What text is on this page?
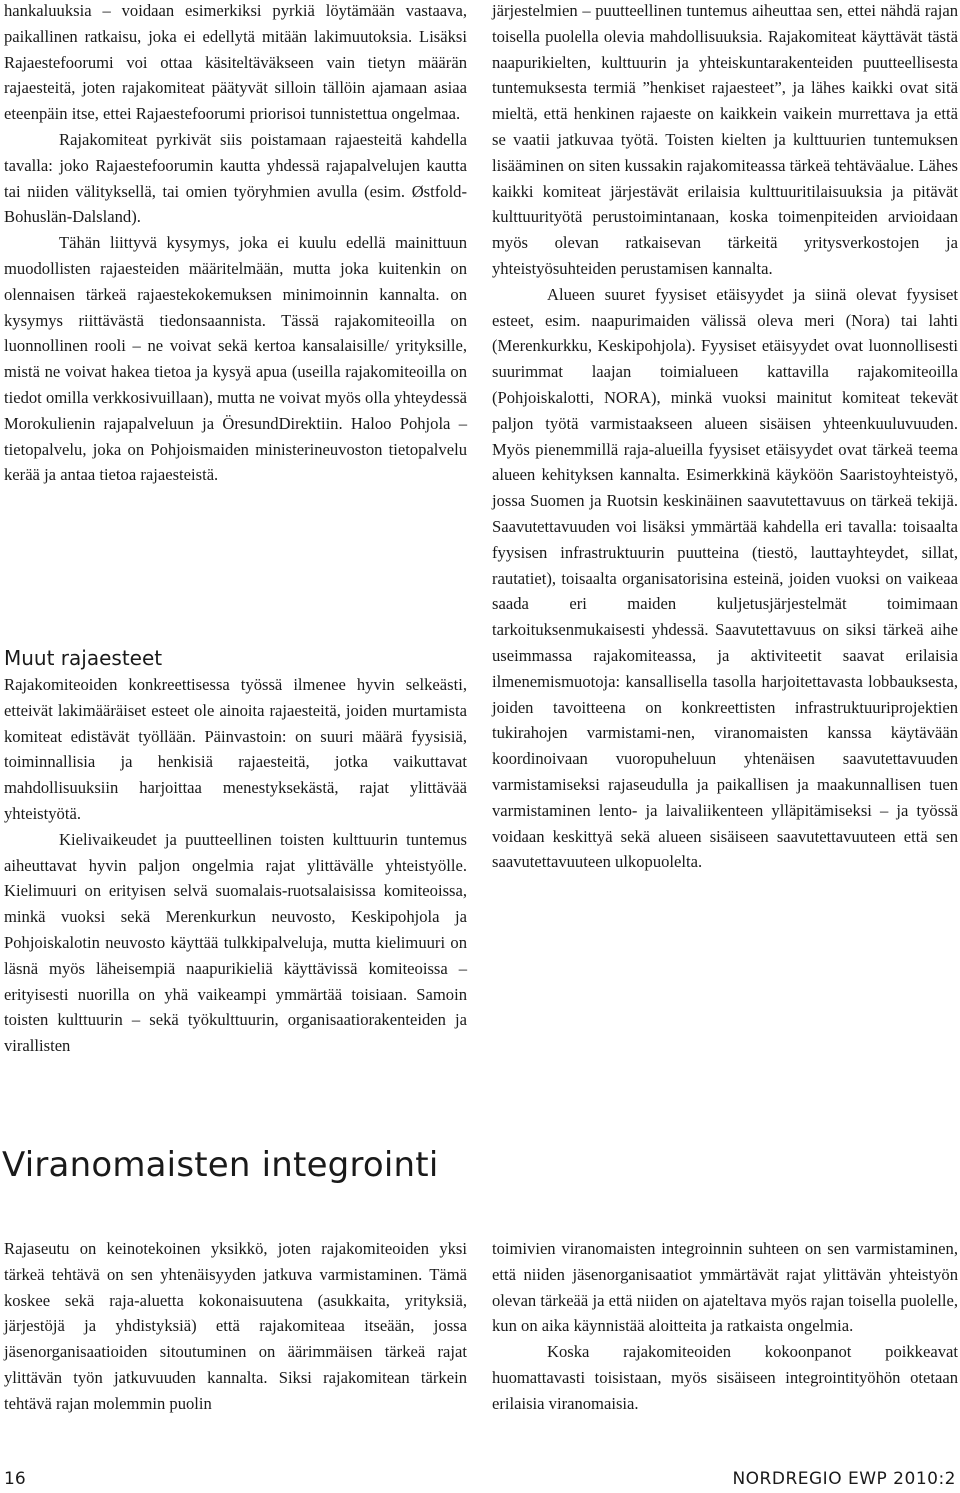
hankaluuksia – voidaan esimerkiksi pyrkiä löytämään vastaava, paikallinen ratkaisu, joka ei edellytä mitään lakimuutoksia. Lisäksi Rajaestefoorumi voi ottaa käsiteltäväkseen vain tietyn määrän rajaesteitä, joten rajakomiteat päätyvät silloin tällöin ajamaan asiaa eteenpäin itse, ettei Rajaestefoorumi priorisoi tunnistettua ongelmaa.

Rajakomiteat pyrkivät siis poistamaan rajaesteitä kahdella tavalla: joko Rajaestefoorumin kautta yhdessä rajapalvelujen kautta tai niiden välityksellä, tai omien työryhmien avulla (esim. Østfold-Bohuslän-Dalsland).

Tähän liittyvä kysymys, joka ei kuulu edellä mainittuun muodollisten rajaesteiden määritelmään, mutta joka kuitenkin on olennaisen tärkeä rajaestekokemuksen minimoinnin kannalta. on kysymys riittävästä tiedonsaannista. Tässä rajakomiteoilla on luonnollinen rooli – ne voivat sekä kertoa kansalaisille/ yrityksille, mistä ne voivat hakea tietoa ja kysyä apua (useilla rajakomiteoilla on tiedot omilla verkkosivuillaan), mutta ne voivat myös olla yhteydessä Morokulienin rajapalveluun ja ÖresundDirektiin. Haloo Pohjola – tietopalvelu, joka on Pohjoismaiden ministerineuvoston tietopalvelu kerää ja antaa tietoa rajaesteistä.

Muut rajaesteet

Rajakomiteoiden konkreettisessa työssä ilmenee hyvin selkeästi, etteivät lakimääräiset esteet ole ainoita rajaesteitä, joiden murtamista komiteat edistävät työllään. Päinvastoin: on suuri määrä fyysisiä, toiminnallisia ja henkisiä rajaesteitä, jotka vaikuttavat mahdollisuuksiin harjoittaa menestyksekästä, rajat ylittävää yhteistyötä.

Kielivaikeudet ja puutteellinen toisten kulttuurin tuntemus aiheuttavat hyvin paljon ongelmia rajat ylittävälle yhteistyölle. Kielimuuri on erityisen selvä suomalais-ruotsalaisissa komiteoissa, minkä vuoksi sekä Merenkurkun neuvosto, Keskipohjola ja Pohjoiskalotin neuvosto käyttää tulkkipalveluja, mutta kielimuuri on läsnä myös läheisempiä naapurikieliä käyttävissä komiteoissa – erityisesti nuorilla on yhä vaikeampi ymmärtää toisiaan. Samoin toisten kulttuurin – sekä työkulttuurin, organisaatiorakenteiden ja virallisten

järjestelmien – puutteellinen tuntemus aiheuttaa sen, ettei nähdä rajan toisella puolella olevia mahdollisuuksia. Rajakomiteat käyttävät tästä naapurikielten, kulttuurin ja yhteiskuntarakenteiden puutteellisesta tuntemuksesta termiä ”henkiset rajaesteet”, ja lähes kaikki ovat sitä mieltä, että henkinen rajaeste on kaikkein vaikein murrettava ja että se vaatii jatkuvaa työtä. Toisten kielten ja kulttuurien tuntemuksen lisääminen on siten kussakin rajakomiteassa tärkeä tehtäväalue. Lähes kaikki komiteat järjestävät erilaisia kulttuuritilaisuuksia ja pitävät kulttuurityötä perustoimintanaan, koska toimenpiteiden arvioidaan myös olevan ratkaisevan tärkeitä yritysverkostojen ja yhteistyösuhteiden perustamisen kannalta.

Alueen suuret fyysiset etäisyydet ja siinä olevat fyysiset esteet, esim. naapurimaiden välissä oleva meri (Nora) tai lahti (Merenkurkku, Keskipohjola). Fyysiset etäisyydet ovat luonnollisesti suurimmat laajan toimialueen kattavilla rajakomiteoilla (Pohjoiskalotti, NORA), minkä vuoksi mainitut komiteat tekevät paljon työtä varmistaakseen alueen sisäisen yhteenkuuluvuuden. Myös pienemmillä raja-alueilla fyysiset etäisyydet ovat tärkeä teema alueen kehityksen kannalta. Esimerkkinä käyköön Saaristoyhteistyö, jossa Suomen ja Ruotsin keskinäinen saavutettavuus on tärkeä tekijä. Saavutettavuuden voi lisäksi ymmärtää kahdella eri tavalla: toisaalta fyysisen infrastruktuurin puutteina (tiestö, lauttayhteydet, sillat, rautatiet), toisaalta organisatorisina esteinä, joiden vuoksi on vaikeaa saada eri maiden kuljetusjärjestelmät toimimaan tarkoituksenmukaisesti yhdessä. Saavutettavuus on siksi tärkeä aihe useimmassa rajakomiteassa, ja aktiviteetit saavat erilaisia ilmenemismuotoja: kansallisella tasolla harjoitettavasta lobbauksesta, joiden tavoitteena on konkreettisten infrastruktuuriprojektien tukirahojen varmistami-nen, viranomaisten kanssa käytävään koordinoivaan vuoropuheluun yhtenäisen saavutettavuuden varmistamiseksi rajaseudulla ja paikallisen ja maakunnallisen tuen varmistaminen lento- ja laivaliikenteen ylläpitämiseksi – ja työssä voidaan keskittyä sekä alueen sisäiseen saavutettavuuteen että sen saavutettavuuteen ulkopuolelta.

Viranomaisten integrointi

Rajaseutu on keinotekoinen yksikkö, joten rajakomiteoiden yksi tärkeä tehtävä on sen yhtenäisyyden jatkuva varmistaminen. Tämä koskee sekä raja-aluetta kokonaisuutena (asukkaita, yrityksiä, järjestöjä ja yhdistyksiä) että rajakomiteaa itseään, jossa jäsenorganisaatioiden sitoutuminen on äärimmäisen tärkeä rajat ylittävän työn jatkuvuuden kannalta. Siksi rajakomitean tärkein tehtävä rajan molemmin puolin

toimivien viranomaisten integroinnin suhteen on sen varmistaminen, että niiden jäsenorganisaatiot ymmärtävät rajat ylittävän yhteistyön olevan tärkeää ja että niiden on ajateltava myös rajan toisella puolelle, kun on aika käynnistää aloitteita ja ratkaista ongelmia.

Koska rajakomiteoiden kokoonpanot poikkeavat huomattavasti toisistaan, myös sisäiseen integrointityöhön otetaan erilaisia viranomaisia.

16	NORDREGIO EWP 2010:2
